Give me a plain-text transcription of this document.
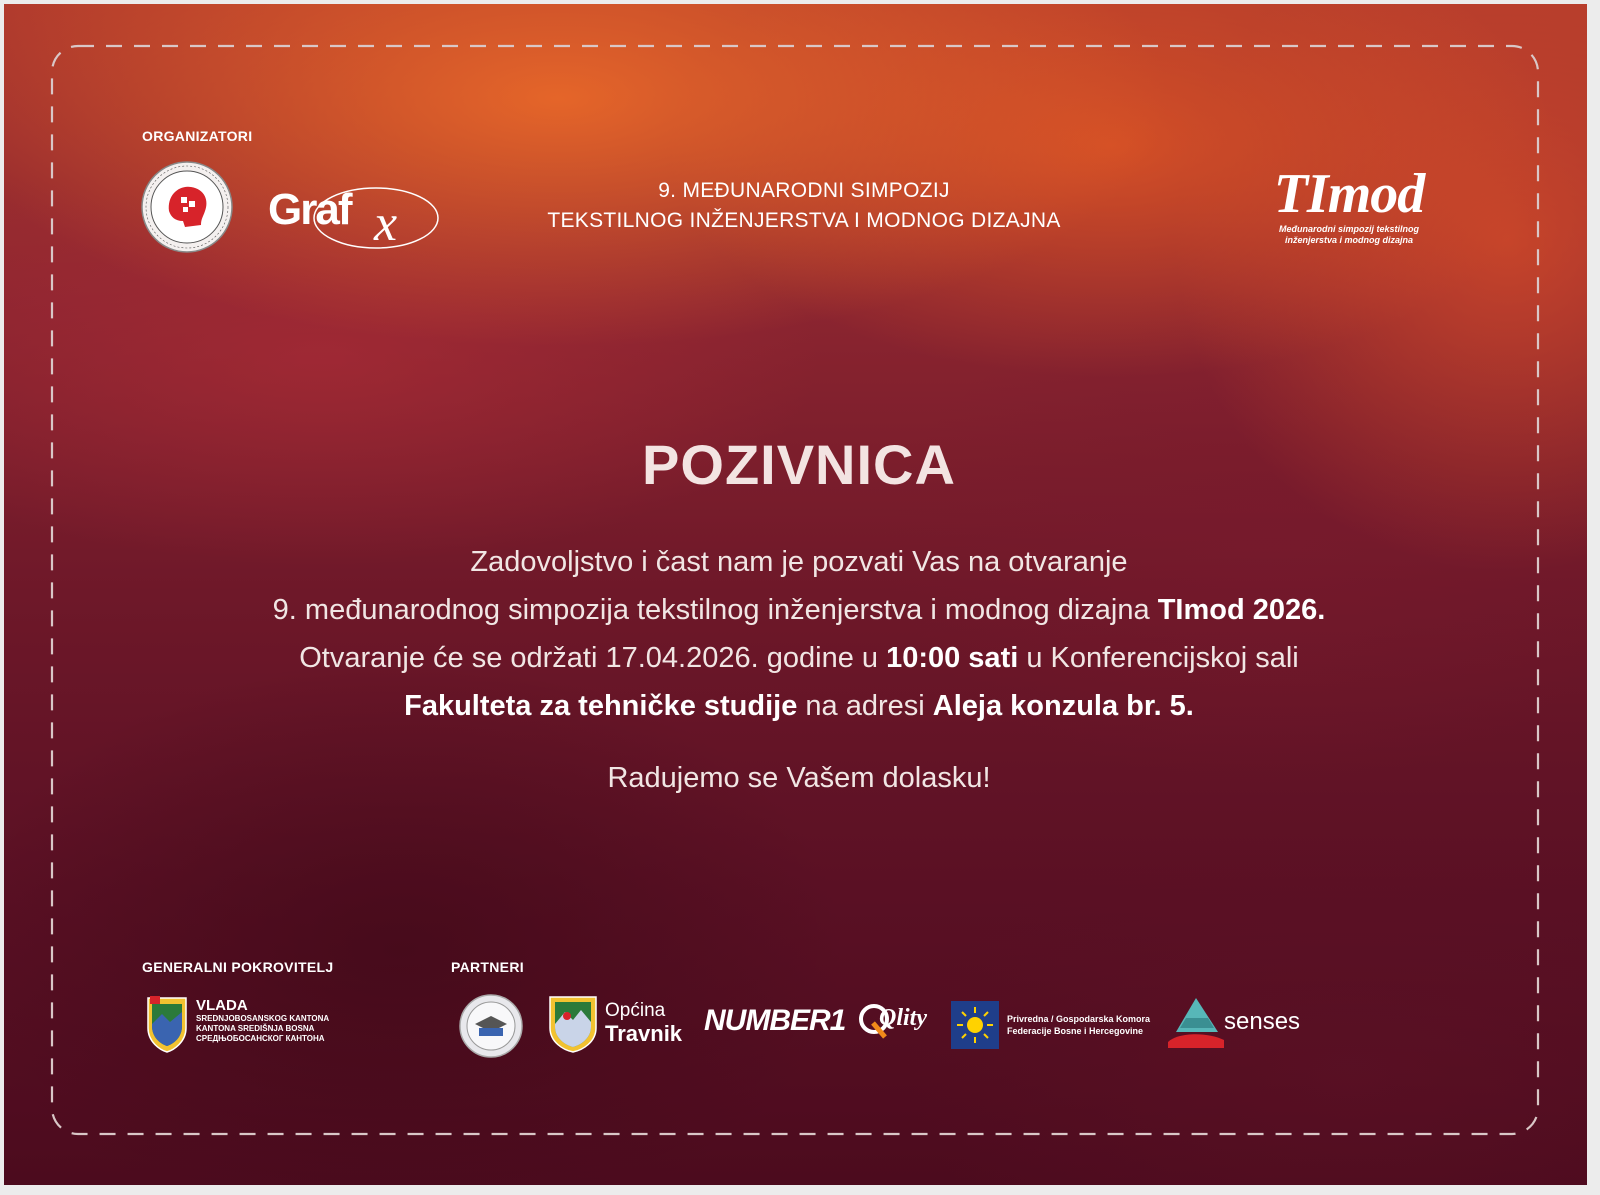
ORGANIZATORI
Graf x
9. MEĐUNARODNI SIMPOZIJ
TEKSTILNOG INŽENJERSTVA I MODNOG DIZAJNA	TImod
Međunarodni simpozij tekstilnog
inženjerstva i modnog dizajna
POZIVNICA
Zadovoljstvo i čast nam je pozvati Vas na otvaranje
9. međunarodnog simpozija tekstilnog inženjerstva i modnog dizajna TImod 2026.
Otvaranje će se održati 17.04.2026. godine u 10:00 sati u Konferencijskoj sali
Fakulteta za tehničke studije na adresi Aleja konzula br. 5.
Radujemo se Vašem dolasku!
GENERALNI POKROVITELJ	PARTNERI
VLADA
SREDNJOBOSANSKOG KANTONA
KANTONA SREDIŠNJA BOSNA
СРЕДЊОБОСАНСКОГ КАНТОНА
Općina
Travnik NUMBER1 Qlity	Privredna / Gospodarska Komora
Federacije Bosne i Hercegovine	senses
